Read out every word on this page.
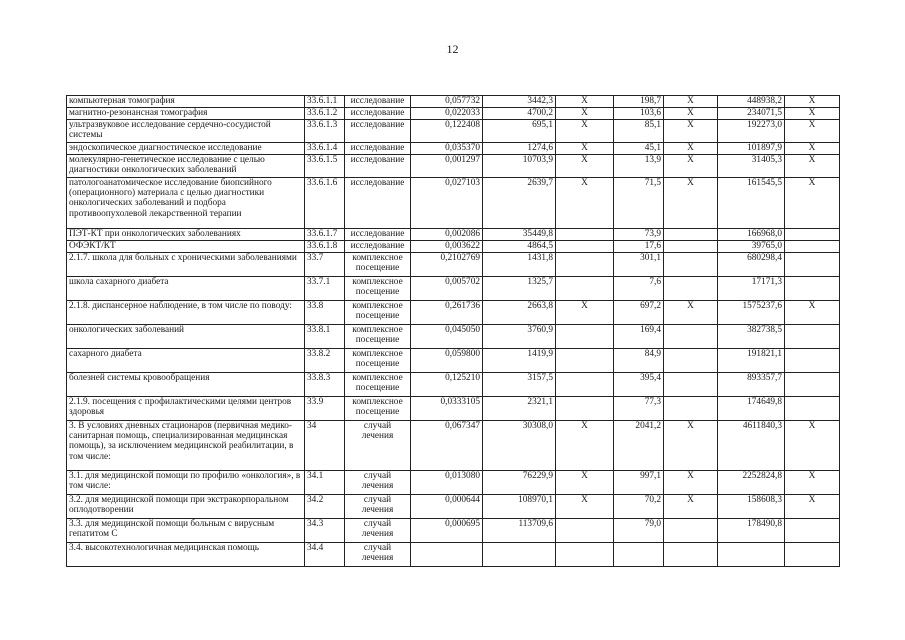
12
компьютерная томография	33.6.1.1	исследование	0,057732	3442,3	X	198,7	X	448938,2	X
магнитно-резонансная томография	33.6.1.2	исследование	0,022033	4700,2	X	103,6	X	234071,5	X
ультразвуковое исследование сердечно-сосудистой системы	33.6.1.3	исследование	0,122408	695,1	X	85,1	X	192273,0	X
эндоскопическое диагностическое исследование	33.6.1.4	исследование	0,035370	1274,6	X	45,1	X	101897,9	X
молекулярно-генетическое исследование с целью диагностики онкологических заболеваний	33.6.1.5	исследование	0,001297	10703,9	X	13,9	X	31405,3	X
патологоанатомическое исследование биопсийного (операционного) материала с целью диагностики онкологических заболеваний и подбора противоопухолевой лекарственной терапии	33.6.1.6	исследование	0,027103	2639,7	X	71,5	X	161545,5	X
ПЭТ-КТ при онкологических заболеваниях	33.6.1.7	исследование	0,002086	35449,8		73,9		166968,0	
ОФЭКТ/КТ	33.6.1.8	исследование	0,003622	4864,5		17,6		39765,0	
2.1.7. школа для больных с хроническими заболеваниями	33.7	комплексное посещение	0,2102769	1431,8		301,1		680298,4	
школа сахарного диабета	33.7.1	комплексное посещение	0,005702	1325,7		7,6		17171,3	
2.1.8. диспансерное наблюдение, в том числе по поводу:	33.8	комплексное посещение	0,261736	2663,8	X	697,2	X	1575237,6	X
онкологических заболеваний	33.8.1	комплексное посещение	0,045050	3760,9		169,4		382738,5	
сахарного диабета	33.8.2	комплексное посещение	0,059800	1419,9		84,9		191821,1	
болезней системы кровообращения	33.8.3	комплексное посещение	0,125210	3157,5		395,4		893357,7	
2.1.9. посещения с профилактическими целями центров здоровья	33.9	комплексное посещение	0,0333105	2321,1		77,3		174649,8	
3. В условиях дневных стационаров (первичная медико-санитарная помощь, специализированная медицинская помощь), за исключением медицинской реабилитации, в том числе:	34	случай лечения	0,067347	30308,0	X	2041,2	X	4611840,3	X
3.1. для медицинской помощи по профилю «онкология», в том числе:	34.1	случай лечения	0,013080	76229,9	X	997,1	X	2252824,8	X
3.2. для медицинской помощи при экстракорпоральном оплодотворении	34.2	случай лечения	0,000644	108970,1	X	70,2	X	158608,3	X
3.3. для медицинской помощи больным с вирусным гепатитом С	34.3	случай лечения	0,000695	113709,6		79,0		178490,8	
3.4. высокотехнологичная медицинская помощь	34.4	случай лечения							
